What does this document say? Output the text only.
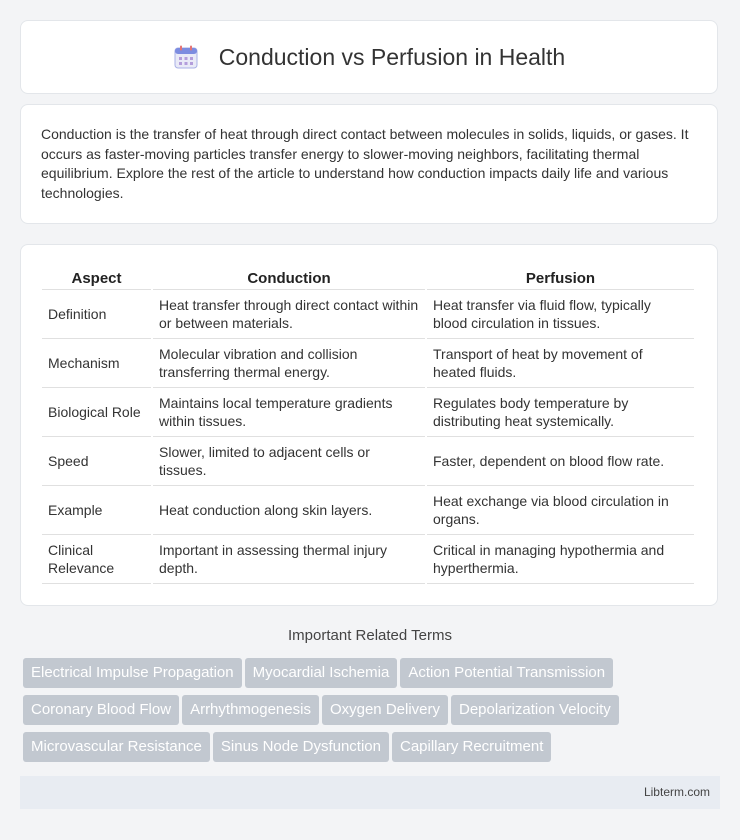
Conduction vs Perfusion in Health

Conduction is the transfer of heat through direct contact between molecules in solids, liquids, or gases. It occurs as faster-moving particles transfer energy to slower-moving neighbors, facilitating thermal equilibrium. Explore the rest of the article to understand how conduction impacts daily life and various technologies.

Aspect	Conduction	Perfusion
Definition	Heat transfer through direct contact within or between materials.	Heat transfer via fluid flow, typically blood circulation in tissues.
Mechanism	Molecular vibration and collision transferring thermal energy.	Transport of heat by movement of heated fluids.
Biological Role	Maintains local temperature gradients within tissues.	Regulates body temperature by distributing heat systemically.
Speed	Slower, limited to adjacent cells or tissues.	Faster, dependent on blood flow rate.
Example	Heat conduction along skin layers.	Heat exchange via blood circulation in organs.
Clinical Relevance	Important in assessing thermal injury depth.	Critical in managing hypothermia and hyperthermia.
Important Related Terms
Electrical Impulse Propagation Myocardial Ischemia Action Potential Transmission
Coronary Blood Flow Arrhythmogenesis Oxygen Delivery Depolarization Velocity
Microvascular Resistance Sinus Node Dysfunction Capillary Recruitment
Libterm.com
